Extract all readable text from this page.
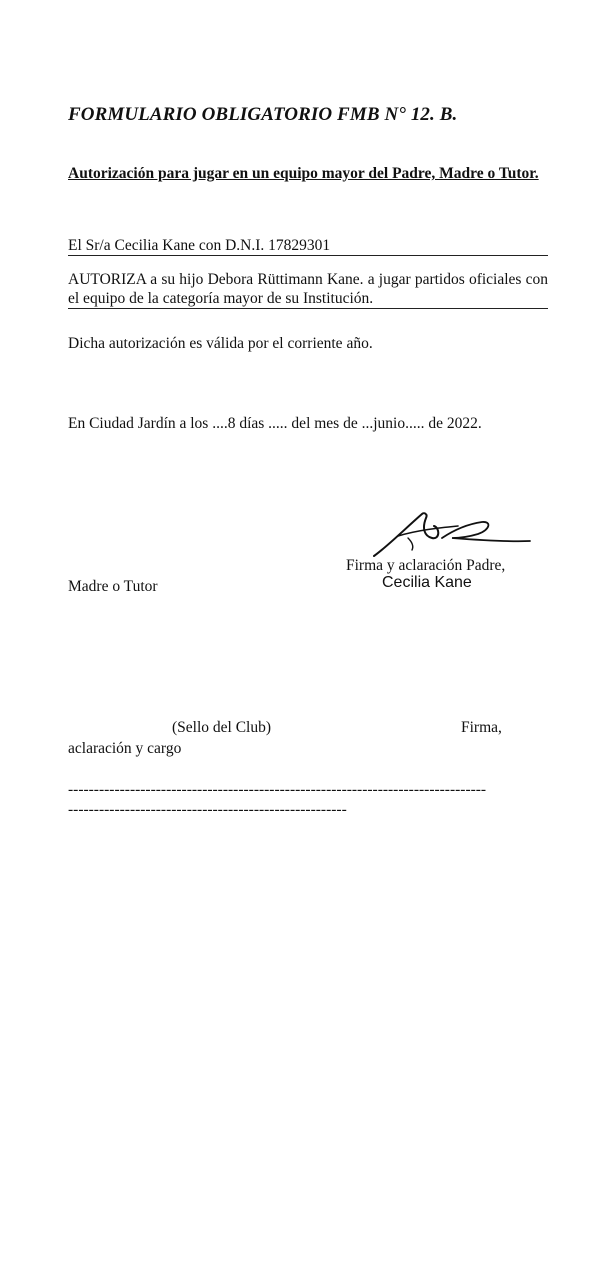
FORMULARIO OBLIGATORIO FMB N° 12. B.
Autorización para jugar en un equipo mayor del Padre, Madre o Tutor.
El Sr/a Cecilia Kane con D.N.I. 17829301
AUTORIZA a su hijo Debora Rüttimann Kane. a jugar partidos oficiales con el equipo de la categoría mayor de su Institución.
Dicha autorización es válida por el corriente año.
En Ciudad Jardín a los ....8 días ..... del mes de ...junio..... de 2022.
Firma y aclaración Padre,
Cecilia Kane
Madre o Tutor
(Sello del Club)	Firma,
aclaración y cargo
---------------------------------------------------------------------------------
------------------------------------------------------
